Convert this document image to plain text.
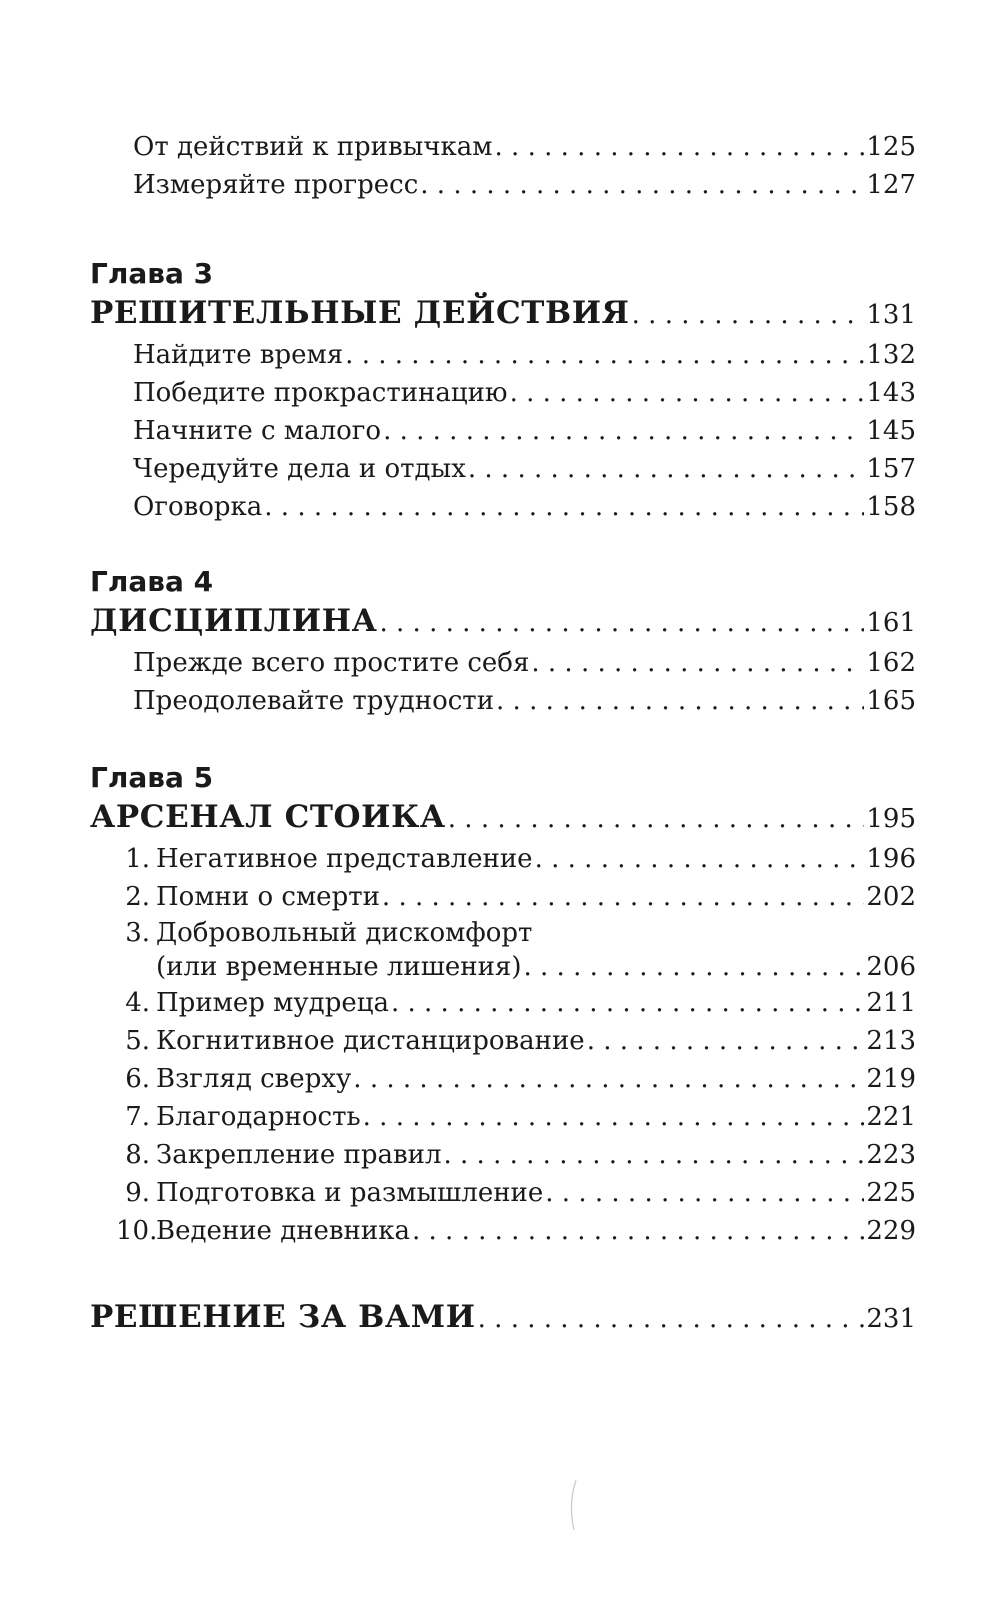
От действий к привычкам . . .	125
Измеряйте прогресс . . .	127
Глава 3
РЕШИТЕЛЬНЫЕ ДЕЙСТВИЯ . . .	131
Найдите время . . .	132
Победите прокрастинацию . . .	143
Начните с малого . . .	145
Чередуйте дела и отдых . . .	157
Оговорка . . .	158
Глава 4
ДИСЦИПЛИНА . . .	161
Прежде всего простите себя . . .	162
Преодолевайте трудности . . .	165
Глава 5
АРСЕНАЛ СТОИКА . . .	195
1. Негативное представление . . .	196
2. Помни о смерти . . .	202
3. Добровольный дискомфорт
(или временные лишения) . . .	206
4. Пример мудреца . . .	211
5. Когнитивное дистанцирование . . .	213
6. Взгляд сверху . . .	219
7. Благодарность . . .	221
8. Закрепление правил . . .	223
9. Подготовка и размышление . . .	225
10.Ведение дневника . . .	229
РЕШЕНИЕ ЗА ВАМИ . . .	231
